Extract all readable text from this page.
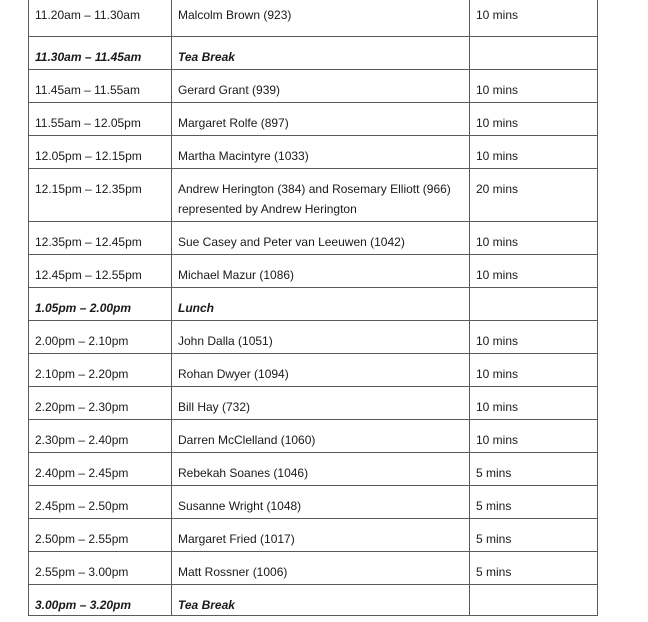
11.20am – 11.30am	Malcolm Brown (923)	10 mins
11.30am – 11.45am	Tea Break	
11.45am – 11.55am	Gerard Grant (939)	10 mins
11.55am – 12.05pm	Margaret Rolfe (897)	10 mins
12.05pm – 12.15pm	Martha Macintyre (1033)	10 mins
12.15pm – 12.35pm	Andrew Herington (384) and Rosemary Elliott (966) represented by Andrew Herington	20 mins
12.35pm – 12.45pm	Sue Casey and Peter van Leeuwen (1042)	10 mins
12.45pm – 12.55pm	Michael Mazur (1086)	10 mins
1.05pm – 2.00pm	Lunch	
2.00pm – 2.10pm	John Dalla (1051)	10 mins
2.10pm – 2.20pm	Rohan Dwyer (1094)	10 mins
2.20pm – 2.30pm	Bill Hay (732)	10 mins
2.30pm – 2.40pm	Darren McClelland (1060)	10 mins
2.40pm – 2.45pm	Rebekah Soanes (1046)	5 mins
2.45pm – 2.50pm	Susanne Wright (1048)	5 mins
2.50pm – 2.55pm	Margaret Fried (1017)	5 mins
2.55pm – 3.00pm	Matt Rossner (1006)	5 mins
3.00pm – 3.20pm	Tea Break	
